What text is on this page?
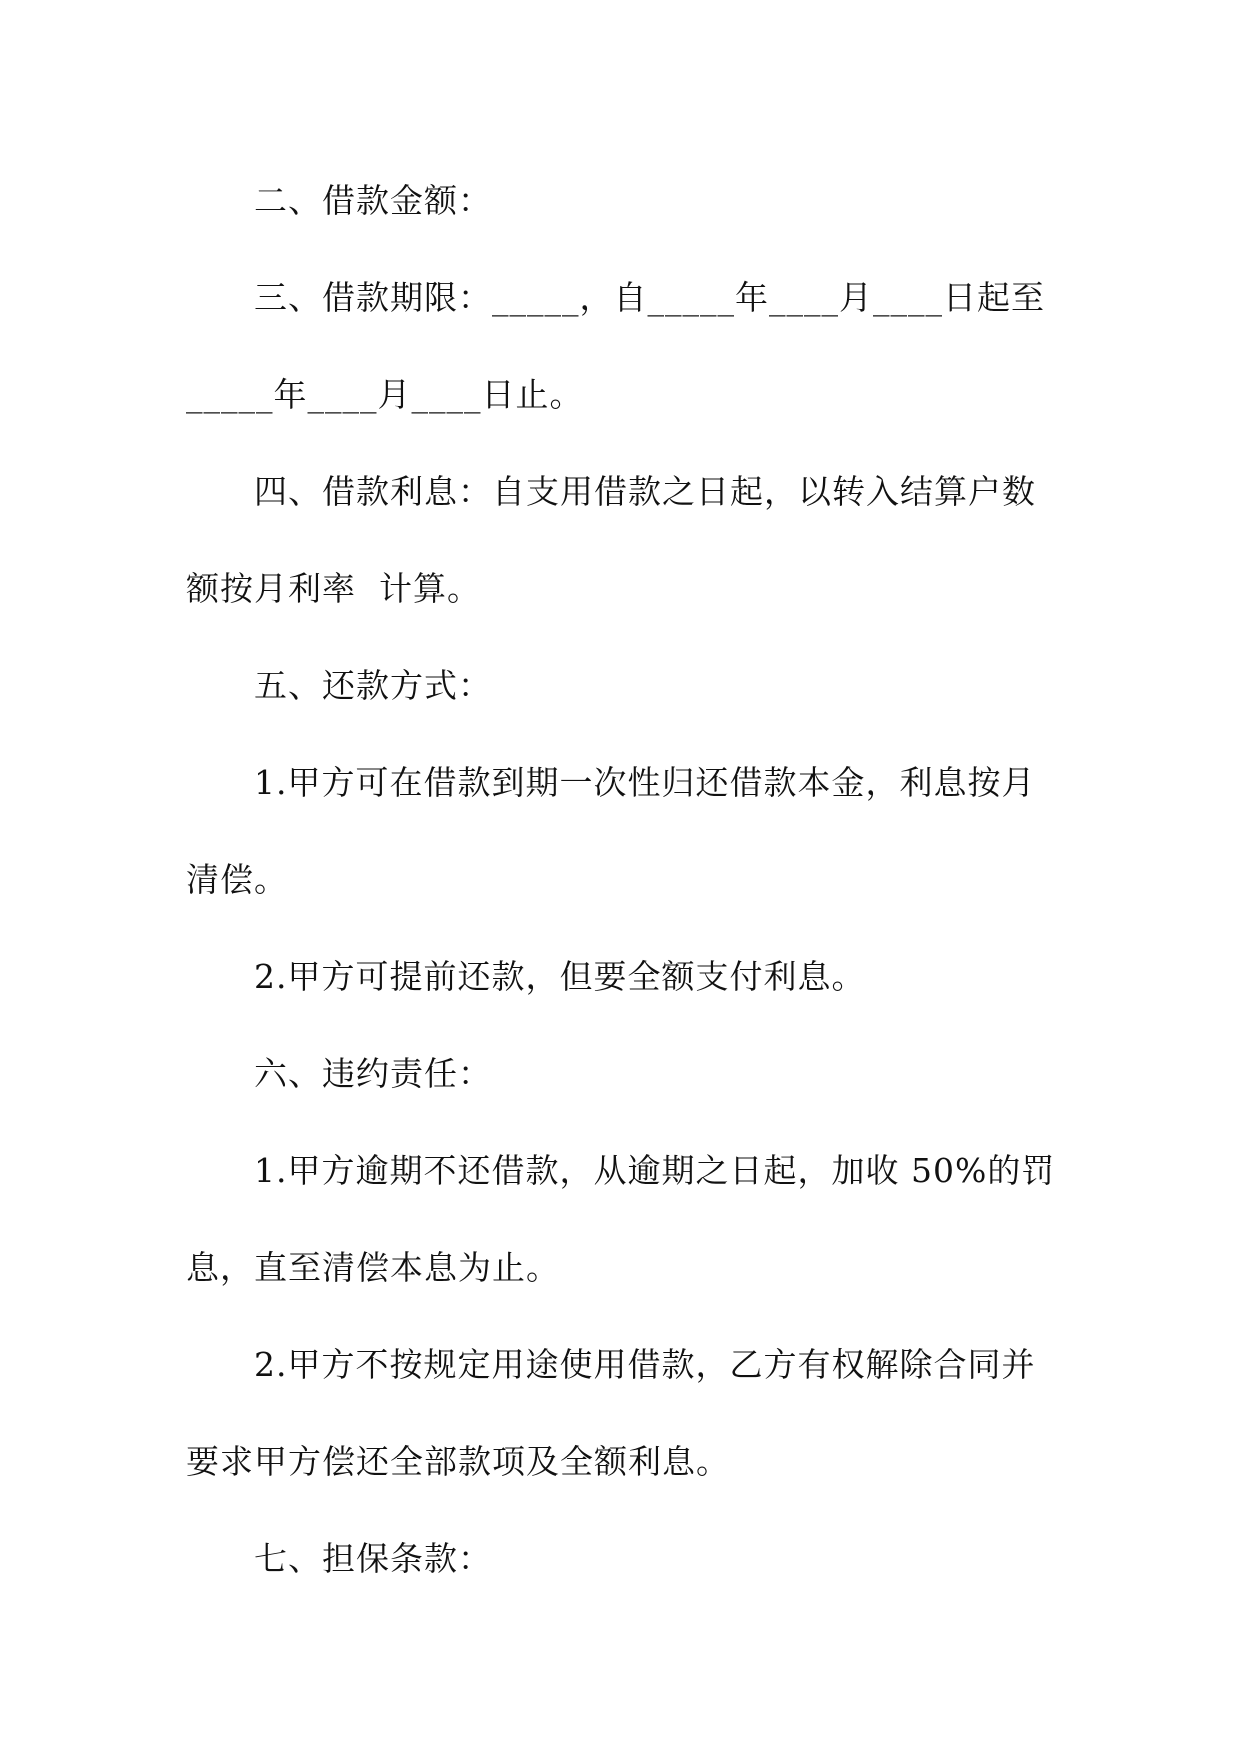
二、借款金额：
三、借款期限：_____，自_____年____月____日起至
_____年____月____日止。
四、借款利息：自支用借款之日起，以转入结算户数
额按月利率  计算。
五、还款方式：
1.甲方可在借款到期一次性归还借款本金，利息按月
清偿。
2.甲方可提前还款，但要全额支付利息。
六、违约责任：
1.甲方逾期不还借款，从逾期之日起，加收 50%的罚
息，直至清偿本息为止。
2.甲方不按规定用途使用借款，乙方有权解除合同并
要求甲方偿还全部款项及全额利息。
七、担保条款：
